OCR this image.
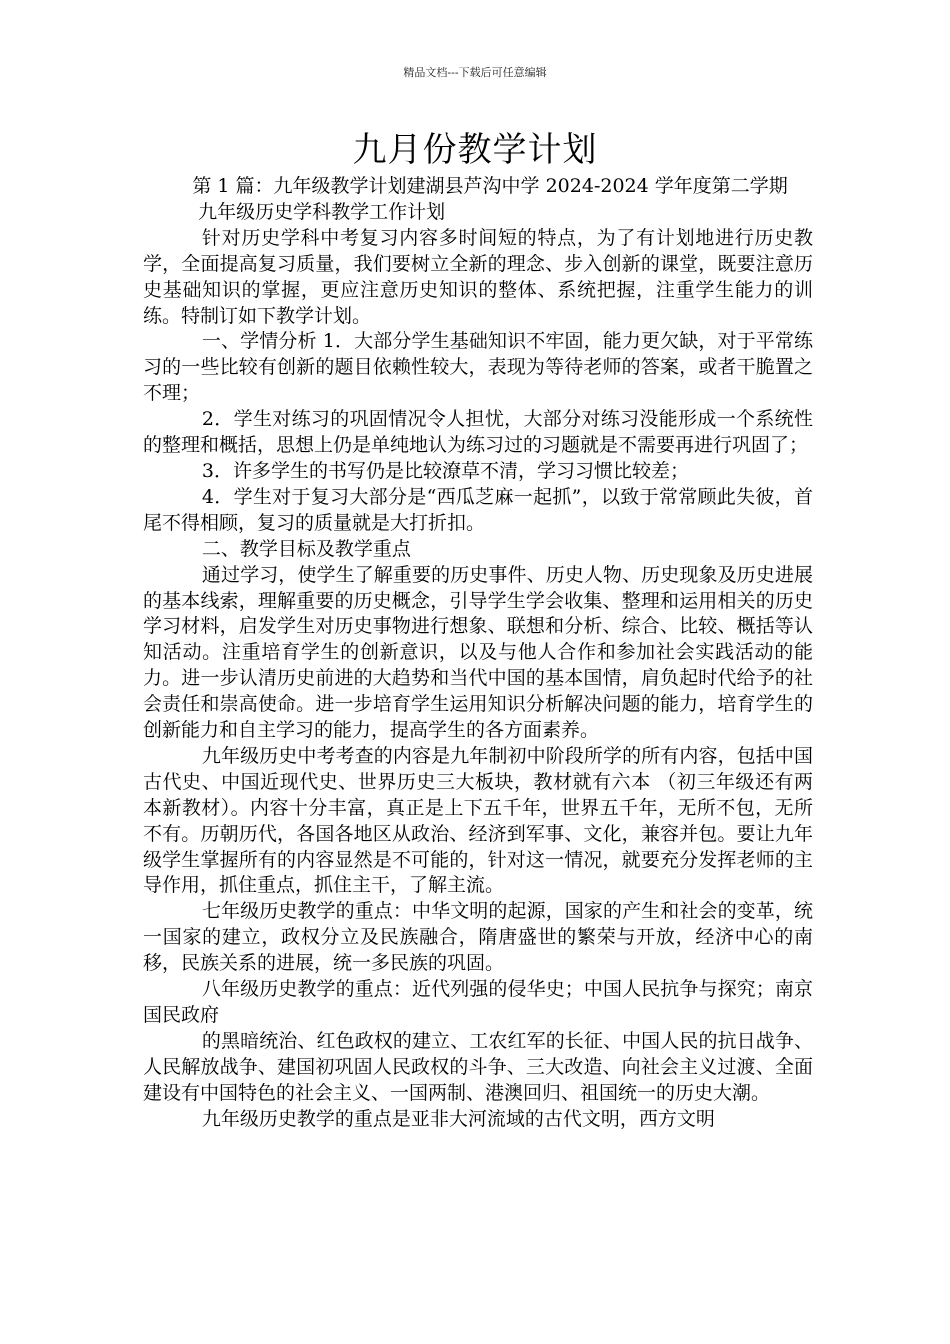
精品文档---下载后可任意编辑
九月份教学计划

第 1 篇：九年级教学计划建湖县芦沟中学 2024-2024 学年度第二学期

九年级历史学科教学工作计划

针对历史学科中考复习内容多时间短的特点，为了有计划地进行历史教学，全面提高复习质量，我们要树立全新的理念、步入创新的课堂，既要注意历史基础知识的掌握，更应注意历史知识的整体、系统把握，注重学生能力的训练。特制订如下教学计划。

一、学情分析 1．大部分学生基础知识不牢固，能力更欠缺，对于平常练习的一些比较有创新的题目依赖性较大，表现为等待老师的答案，或者干脆置之不理；

2．学生对练习的巩固情况令人担忧，大部分对练习没能形成一个系统性的整理和概括，思想上仍是单纯地认为练习过的习题就是不需要再进行巩固了；

3．许多学生的书写仍是比较潦草不清，学习习惯比较差；

4．学生对于复习大部分是“西瓜芝麻一起抓”，以致于常常顾此失彼，首尾不得相顾，复习的质量就是大打折扣。

二、教学目标及教学重点

通过学习，使学生了解重要的历史事件、历史人物、历史现象及历史进展的基本线索，理解重要的历史概念，引导学生学会收集、整理和运用相关的历史学习材料，启发学生对历史事物进行想象、联想和分析、综合、比较、概括等认知活动。注重培育学生的创新意识，以及与他人合作和参加社会实践活动的能力。进一步认清历史前进的大趋势和当代中国的基本国情，肩负起时代给予的社会责任和崇高使命。进一步培育学生运用知识分析解决问题的能力，培育学生的创新能力和自主学习的能力，提高学生的各方面素养。

九年级历史中考考查的内容是九年制初中阶段所学的所有内容，包括中国古代史、中国近现代史、世界历史三大板块，教材就有六本 （初三年级还有两本新教材）。内容十分丰富，真正是上下五千年，世界五千年，无所不包，无所不有。历朝历代，各国各地区从政治、经济到军事、文化，兼容并包。要让九年级学生掌握所有的内容显然是不可能的，针对这一情况，就要充分发挥老师的主导作用，抓住重点，抓住主干，了解主流。

七年级历史教学的重点：中华文明的起源，国家的产生和社会的变革，统一国家的建立，政权分立及民族融合，隋唐盛世的繁荣与开放，经济中心的南移，民族关系的进展，统一多民族的巩固。

八年级历史教学的重点：近代列强的侵华史；中国人民抗争与探究；南京国民政府

的黑暗统治、红色政权的建立、工农红军的长征、中国人民的抗日战争、人民解放战争、建国初巩固人民政权的斗争、三大改造、向社会主义过渡、全面建设有中国特色的社会主义、一国两制、港澳回归、祖国统一的历史大潮。

九年级历史教学的重点是亚非大河流域的古代文明，西方文明
